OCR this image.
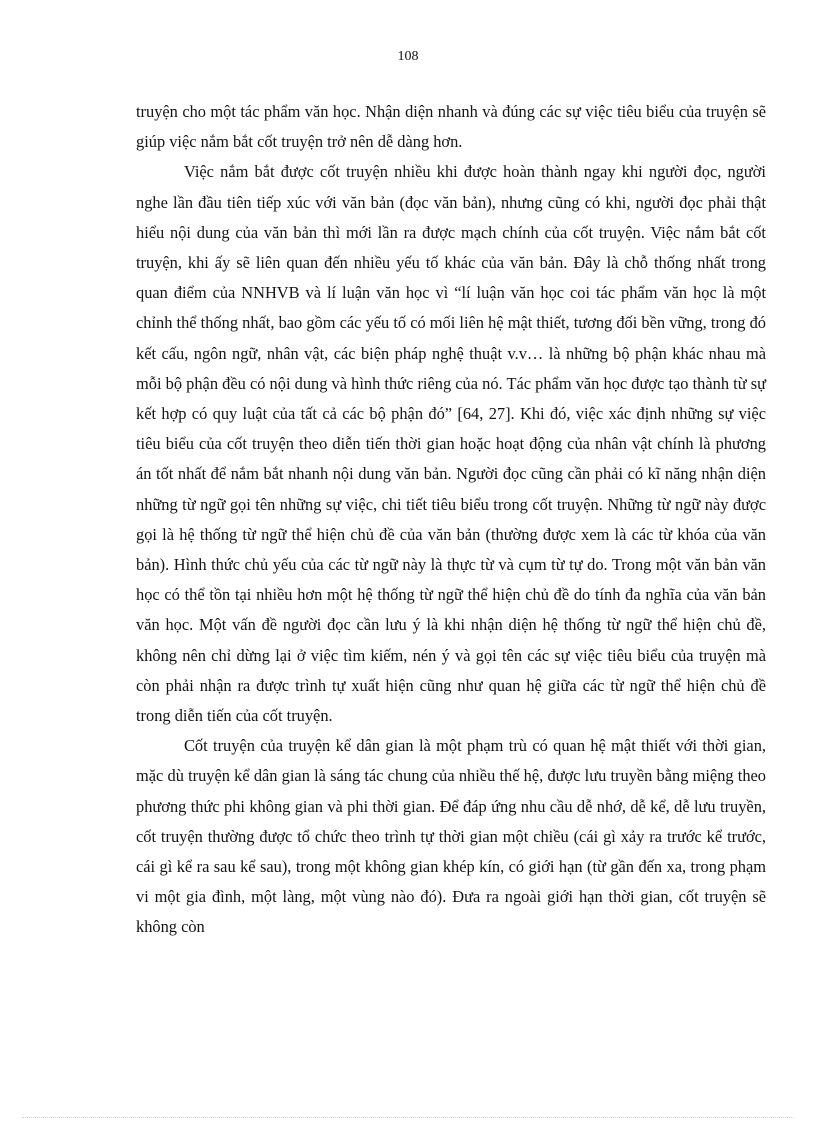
108

truyện cho một tác phẩm văn học. Nhận diện nhanh và đúng các sự việc tiêu biểu của truyện sẽ giúp việc nắm bắt cốt truyện trở nên dễ dàng hơn.

Việc nắm bắt được cốt truyện nhiều khi được hoàn thành ngay khi người đọc, người nghe lần đầu tiên tiếp xúc với văn bản (đọc văn bản), nhưng cũng có khi, người đọc phải thật hiểu nội dung của văn bản thì mới lần ra được mạch chính của cốt truyện. Việc nắm bắt cốt truyện, khi ấy sẽ liên quan đến nhiều yếu tố khác của văn bản. Đây là chỗ thống nhất trong quan điểm của NNHVB và lí luận văn học vì “lí luận văn học coi tác phẩm văn học là một chỉnh thể thống nhất, bao gồm các yếu tố có mối liên hệ mật thiết, tương đối bền vững, trong đó kết cấu, ngôn ngữ, nhân vật, các biện pháp nghệ thuật v.v… là những bộ phận khác nhau mà mỗi bộ phận đều có nội dung và hình thức riêng của nó. Tác phẩm văn học được tạo thành từ sự kết hợp có quy luật của tất cả các bộ phận đó” [64, 27]. Khi đó, việc xác định những sự việc tiêu biểu của cốt truyện theo diễn tiến thời gian hoặc hoạt động của nhân vật chính là phương án tốt nhất để nắm bắt nhanh nội dung văn bản. Người đọc cũng cần phải có kĩ năng nhận diện những từ ngữ gọi tên những sự việc, chi tiết tiêu biểu trong cốt truyện. Những từ ngữ này được gọi là hệ thống từ ngữ thể hiện chủ đề của văn bản (thường được xem là các từ khóa của văn bản). Hình thức chủ yếu của các từ ngữ này là thực từ và cụm từ tự do. Trong một văn bản văn học có thể tồn tại nhiều hơn một hệ thống từ ngữ thể hiện chủ đề do tính đa nghĩa của văn bản văn học. Một vấn đề người đọc cần lưu ý là khi nhận diện hệ thống từ ngữ thể hiện chủ đề, không nên chỉ dừng lại ở việc tìm kiếm, nén ý và gọi tên các sự việc tiêu biểu của truyện mà còn phải nhận ra được trình tự xuất hiện cũng như quan hệ giữa các từ ngữ thể hiện chủ đề trong diễn tiến của cốt truyện.

Cốt truyện của truyện kể dân gian là một phạm trù có quan hệ mật thiết với thời gian, mặc dù truyện kể dân gian là sáng tác chung của nhiều thế hệ, được lưu truyền bằng miệng theo phương thức phi không gian và phi thời gian. Để đáp ứng nhu cầu dễ nhớ, dễ kể, dễ lưu truyền, cốt truyện thường được tổ chức theo trình tự thời gian một chiều (cái gì xảy ra trước kể trước, cái gì kể ra sau kể sau), trong một không gian khép kín, có giới hạn (từ gần đến xa, trong phạm vi một gia đình, một làng, một vùng nào đó). Đưa ra ngoài giới hạn thời gian, cốt truyện sẽ không còn
